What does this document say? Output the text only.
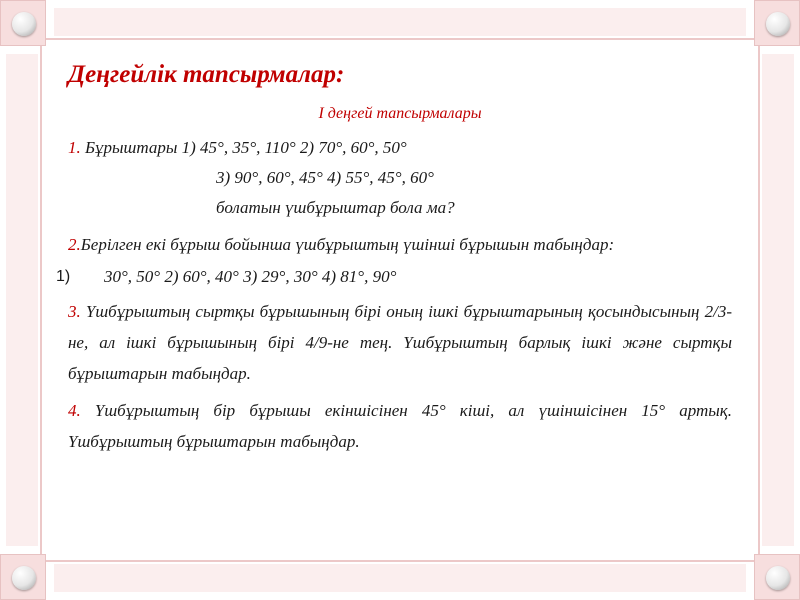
Деңгейлік тапсырмалар:
I деңгей тапсырмалары
1. Бұрыштары 1) 45°, 35°, 110° 2) 70°, 60°, 50°
3) 90°, 60°, 45° 4) 55°, 45°, 60°
болатын үшбұрыштар бола ма?

2.Берілген екі бұрыш бойынша үшбұрыштың үшінші бұрышын табыңдар:

1) 30°, 50° 2) 60°, 40° 3) 29°, 30° 4) 81°, 90°

3. Үшбұрыштың сыртқы бұрышының бірі оның ішкі бұрыштарының қосындысының 2/3-не, ал ішкі бұрышының бірі 4/9-не тең. Үшбұрыштың барлық ішкі және сыртқы бұрыштарын табыңдар.

4. Үшбұрыштың бір бұрышы екіншісінен 45° кіші, ал үшіншісінен 15° артық. Үшбұрыштың бұрыштарын табыңдар.
